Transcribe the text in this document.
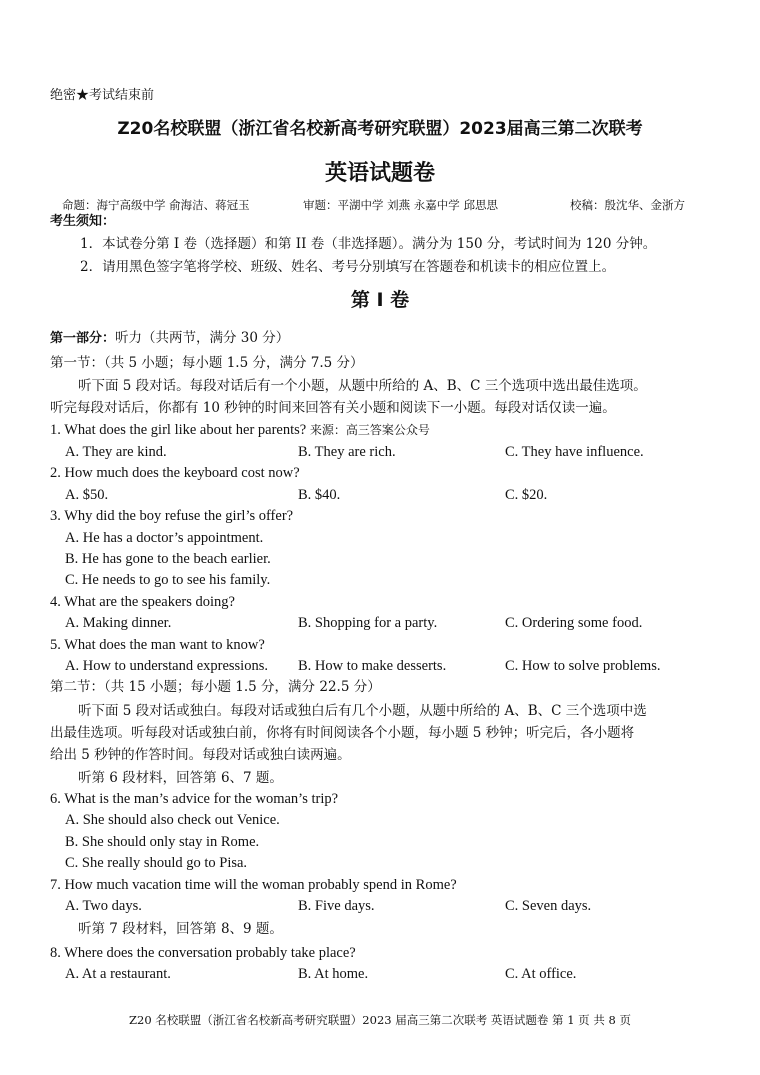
绝密★考试结束前
Z20名校联盟（浙江省名校新高考研究联盟）2023届高三第二次联考
英语试题卷
命题：海宁高级中学 俞海洁、蒋冠玉	审题：平湖中学 刘燕 永嘉中学 邱思思	校稿：殷沈华、金浙方
考生须知：
1．本试卷分第 I 卷（选择题）和第 II 卷（非选择题）。满分为 150 分，考试时间为 120 分钟。
2．请用黑色签字笔将学校、班级、姓名、考号分别填写在答题卷和机读卡的相应位置上。
第 I 卷
第一部分：听力（共两节，满分 30 分）
第一节：（共 5 小题；每小题 1.5 分，满分 7.5 分）
听下面 5 段对话。每段对话后有一个小题，从题中所给的 A、B、C 三个选项中选出最佳选项。
听完每段对话后，你都有 10 秒钟的时间来回答有关小题和阅读下一小题。每段对话仅读一遍。
1. What does the girl like about her parents? 来源：高三答案公众号
A. They are kind.	B. They are rich.	C. They have influence.
2. How much does the keyboard cost now?
A. $50.	B. $40.	C. $20.
3. Why did the boy refuse the girl’s offer?
A. He has a doctor’s appointment.
B. He has gone to the beach earlier.
C. He needs to go to see his family.
4. What are the speakers doing?
A. Making dinner.	B. Shopping for a party.	C. Ordering some food.
5. What does the man want to know?
A. How to understand expressions. B. How to make desserts.	C. How to solve problems.
第二节：（共 15 小题；每小题 1.5 分，满分 22.5 分）
听下面 5 段对话或独白。每段对话或独白后有几个小题，从题中所给的 A、B、C 三个选项中选
出最佳选项。听每段对话或独白前，你将有时间阅读各个小题，每小题 5 秒钟；听完后，各小题将
给出 5 秒钟的作答时间。每段对话或独白读两遍。
听第 6 段材料，回答第 6、7 题。
6. What is the man’s advice for the woman’s trip?
A. She should also check out Venice.
B. She should only stay in Rome.
C. She really should go to Pisa.
7. How much vacation time will the woman probably spend in Rome?
A. Two days.	B. Five days.	C. Seven days.
听第 7 段材料，回答第 8、9 题。
8. Where does the conversation probably take place?
A. At a restaurant.	B. At home.	C. At office.
Z20 名校联盟（浙江省名校新高考研究联盟）2023 届高三第二次联考 英语试题卷 第 1 页 共 8 页
